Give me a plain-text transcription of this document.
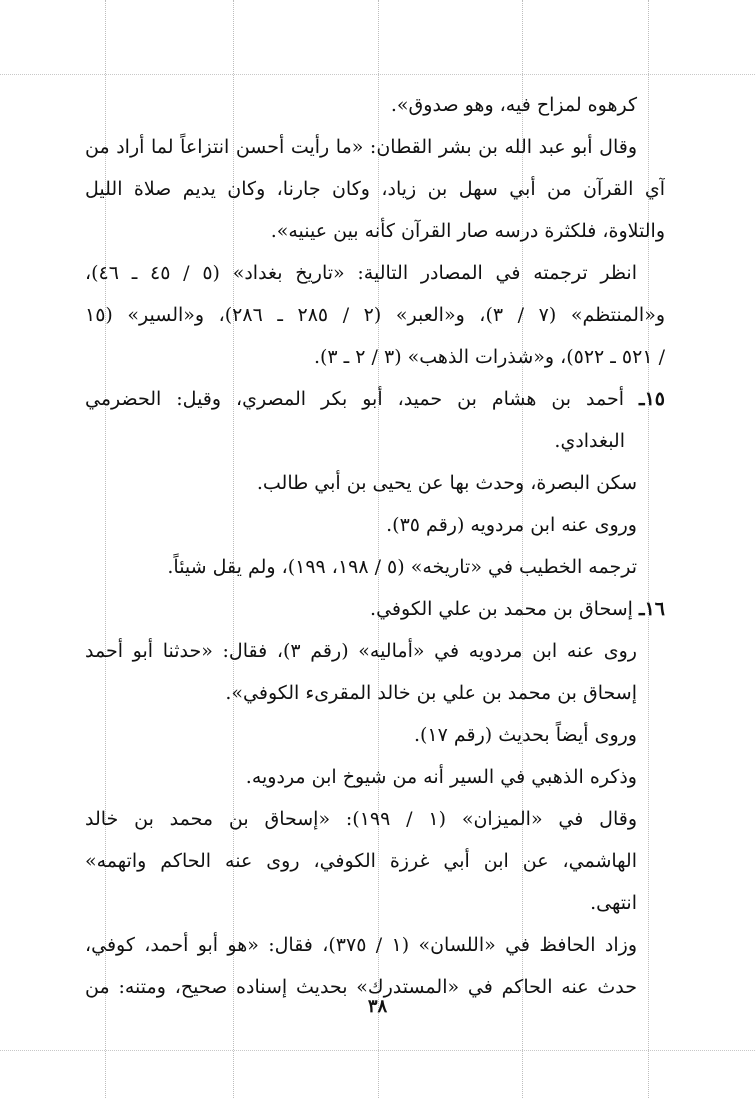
كرهوه لمزاح فيه، وهو صدوق».
وقال أبو عبد الله بن بشر القطان: «ما رأيت أحسن انتزاعاً لما أراد من
آي القرآن من أبي سهل بن زياد، وكان جارنا، وكان يديم صلاة الليل
والتلاوة، فلكثرة درسه صار القرآن كأنه بين عينيه».
انظر ترجمته في المصادر التالية: «تاريخ بغداد» (٥ / ٤٥ ـ ٤٦)،
و«المنتظم» (٧ / ٣)، و«العبر» (٢ / ٢٨٥ ـ ٢٨٦)، و«السير» (١٥
/ ٥٢١ ـ ٥٢٢)، و«شذرات الذهب» (٣ / ٢ ـ ٣).
١٥ـ أحمد بن هشام بن حميد، أبو بكر المصري، وقيل: الحضرمي
البغدادي.
سكن البصرة، وحدث بها عن يحيى بن أبي طالب.
وروى عنه ابن مردويه (رقم ٣٥).
ترجمه الخطيب في «تاريخه» (٥ / ١٩٨، ١٩٩)، ولم يقل شيئاً.
١٦ـ إسحاق بن محمد بن علي الكوفي.
روى عنه ابن مردويه في «أماليه» (رقم ٣)، فقال: «حدثنا أبو أحمد
إسحاق بن محمد بن علي بن خالد المقرىء الكوفي».
وروى أيضاً بحديث (رقم ١٧).
وذكره الذهبي في السير أنه من شيوخ ابن مردويه.
وقال في «الميزان» (١ / ١٩٩): «إسحاق بن محمد بن خالد
الهاشمي، عن ابن أبي غرزة الكوفي، روى عنه الحاكم واتهمه»
انتهى.
وزاد الحافظ في «اللسان» (١ / ٣٧٥)، فقال: «هو أبو أحمد، كوفي،
حدث عنه الحاكم في «المستدرك» بحديث إسناده صحيح، ومتنه: من
٣٨
